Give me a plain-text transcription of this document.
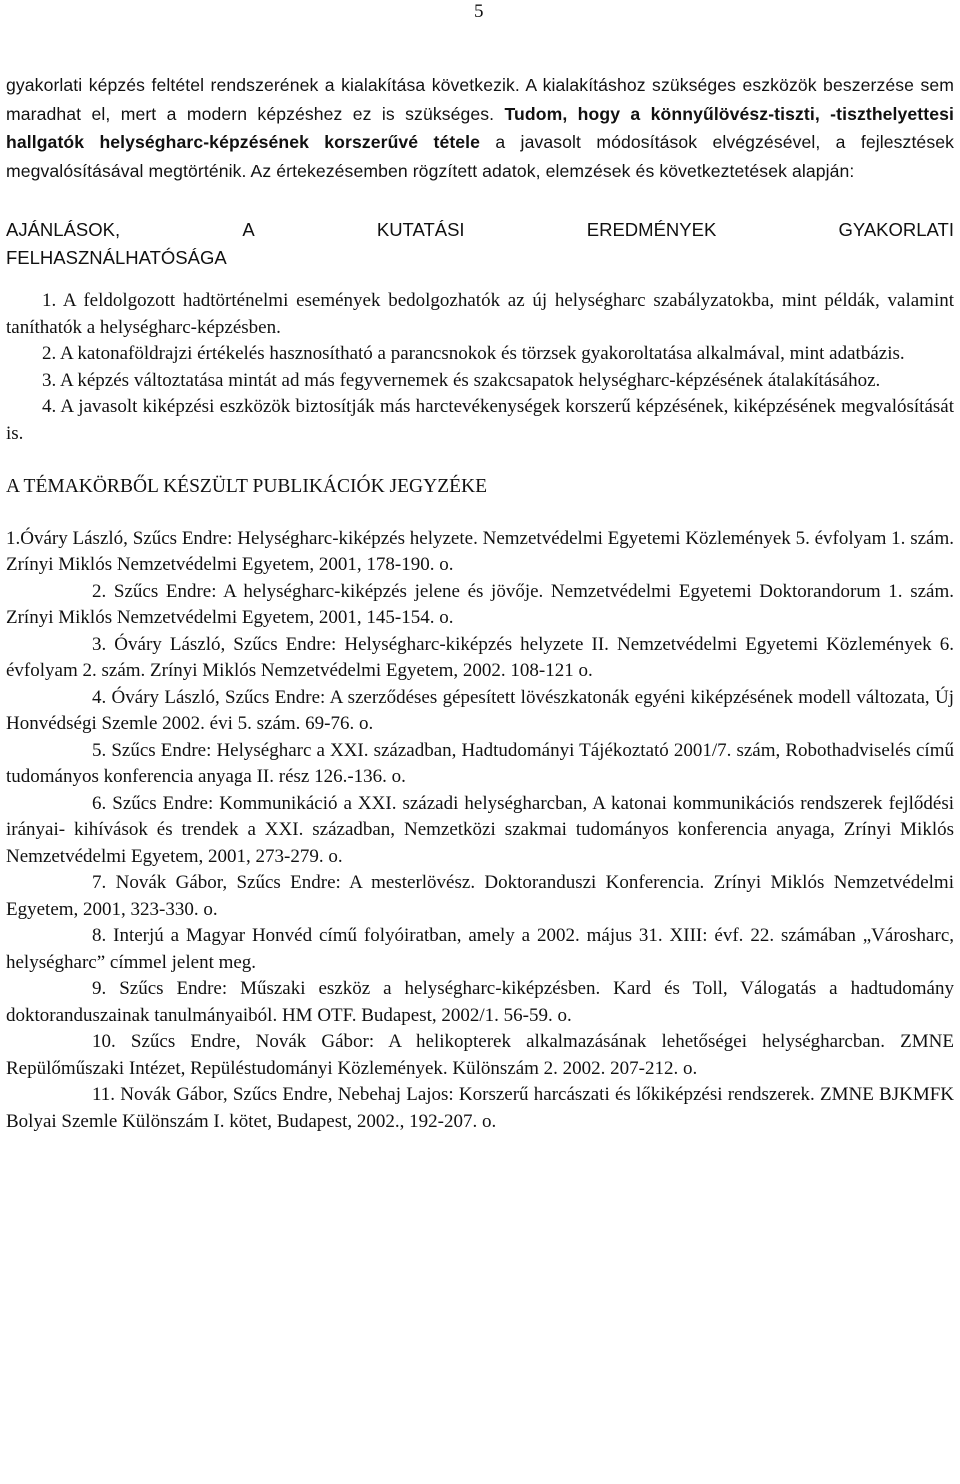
5

gyakorlati képzés feltétel rendszerének a kialakítása következik. A kialakításhoz szükséges eszközök beszerzése sem maradhat el, mert a modern képzéshez ez is szükséges. Tudom, hogy a könnyűlövész-tiszti, -tiszthelyettesi hallgatók helységharc-képzésének korszerűvé tétele a javasolt módosítások elvégzésével, a fejlesztések megvalósításával megtörténik. Az értekezésemben rögzített adatok, elemzések és következtetések alapján:

AJÁNLÁSOK,	A	KUTATÁSI	EREDMÉNYEK	GYAKORLATI
FELHASZNÁLHATÓSÁGA

1. A feldolgozott hadtörténelmi események bedolgozhatók az új helységharc szabályzatokba, mint példák, valamint taníthatók a helységharc-képzésben.

2. A katonaföldrajzi értékelés hasznosítható a parancsnokok és törzsek gyakoroltatása alkalmával, mint adatbázis.

3. A képzés változtatása mintát ad más fegyvernemek és szakcsapatok helységharc-képzésének átalakításához.

4. A javasolt kiképzési eszközök biztosítják más harctevékenységek korszerű képzésének, kiképzésének megvalósítását is.

A TÉMAKÖRBŐL KÉSZÜLT PUBLIKÁCIÓK JEGYZÉKE

1.Óváry László, Szűcs Endre: Helységharc-kiképzés helyzete. Nemzetvédelmi Egyetemi Közlemények 5. évfolyam 1. szám. Zrínyi Miklós Nemzetvédelmi Egyetem, 2001, 178-190. o.

2. Szűcs Endre: A helységharc-kiképzés jelene és jövője. Nemzetvédelmi Egyetemi Doktorandorum 1. szám. Zrínyi Miklós Nemzetvédelmi Egyetem, 2001, 145-154. o.

3. Óváry László, Szűcs Endre: Helységharc-kiképzés helyzete II. Nemzetvédelmi Egyetemi Közlemények 6. évfolyam 2. szám. Zrínyi Miklós Nemzetvédelmi Egyetem, 2002. 108-121 o.

4. Óváry László, Szűcs Endre: A szerződéses gépesített lövészkatonák egyéni kiképzésének modell változata, Új Honvédségi Szemle 2002. évi 5. szám. 69-76. o.

5. Szűcs Endre: Helységharc a XXI. században, Hadtudományi Tájékoztató 2001/7. szám, Robothadviselés című tudományos konferencia anyaga II. rész 126.-136. o.

6. Szűcs Endre: Kommunikáció a XXI. századi helységharcban, A katonai kommunikációs rendszerek fejlődési irányai- kihívások és trendek a XXI. században, Nemzetközi szakmai tudományos konferencia anyaga, Zrínyi Miklós Nemzetvédelmi Egyetem, 2001, 273-279. o.

7. Novák Gábor, Szűcs Endre: A mesterlövész. Doktoranduszi Konferencia. Zrínyi Miklós Nemzetvédelmi Egyetem, 2001, 323-330. o.

8. Interjú a Magyar Honvéd című folyóiratban, amely a 2002. május 31. XIII: évf. 22. számában „Városharc, helységharc” címmel jelent meg.

9. Szűcs Endre: Műszaki eszköz a helységharc-kiképzésben. Kard és Toll, Válogatás a hadtudomány doktoranduszainak tanulmányaiból. HM OTF. Budapest, 2002/1. 56-59. o.

10. Szűcs Endre, Novák Gábor: A helikopterek alkalmazásának lehetőségei helységharcban. ZMNE Repülőműszaki Intézet, Repüléstudományi Közlemények. Különszám 2. 2002. 207-212. o.

11. Novák Gábor, Szűcs Endre, Nebehaj Lajos: Korszerű harcászati és lőkiképzési rendszerek. ZMNE BJKMFK Bolyai Szemle Különszám I. kötet, Budapest, 2002., 192-207. o.
